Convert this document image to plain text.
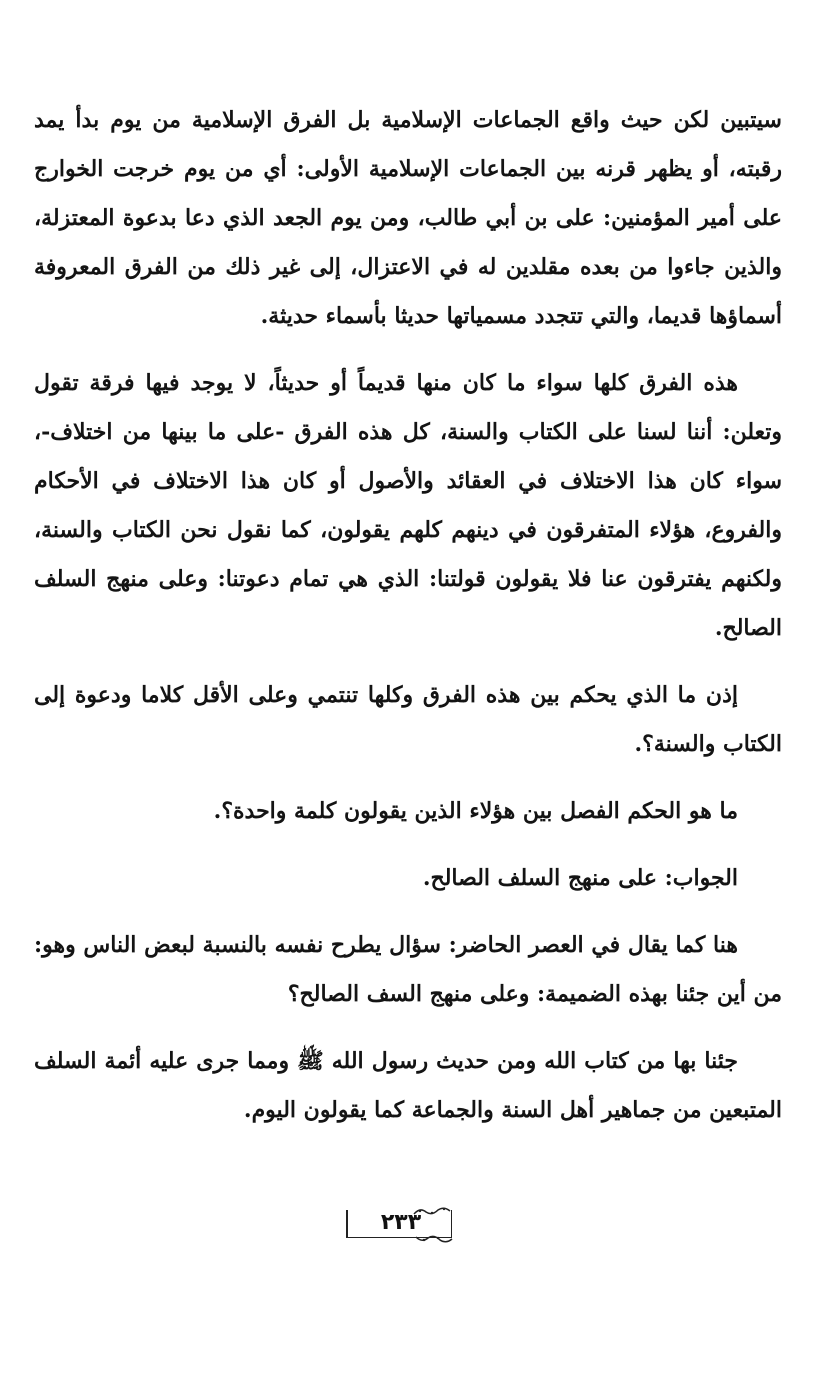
سيتبين لكن حيث واقع الجماعات الإسلامية بل الفرق الإسلامية من يوم بدأ يمد رقبته، أو يظهر قرنه بين الجماعات الإسلامية الأولى: أي من يوم خرجت الخوارج على أمير المؤمنين: على بن أبي طالب، ومن يوم الجعد الذي دعا بدعوة المعتزلة، والذين جاءوا من بعده مقلدين له في الاعتزال، إلى غير ذلك من الفرق المعروفة أسماؤها قديما، والتي تتجدد مسمياتها حديثا بأسماء حديثة.

هذه الفرق كلها سواء ما كان منها قديماً أو حديثاً، لا يوجد فيها فرقة تقول وتعلن: أننا لسنا على الكتاب والسنة، كل هذه الفرق -على ما بينها من اختلاف-، سواء كان هذا الاختلاف في العقائد والأصول أو كان هذا الاختلاف في الأحكام والفروع، هؤلاء المتفرقون في دينهم كلهم يقولون، كما نقول نحن الكتاب والسنة، ولكنهم يفترقون عنا فلا يقولون قولتنا: الذي هي تمام دعوتنا: وعلى منهج السلف الصالح.

إذن ما الذي يحكم بين هذه الفرق وكلها تنتمي وعلى الأقل كلاما ودعوة إلى الكتاب والسنة؟.

ما هو الحكم الفصل بين هؤلاء الذين يقولون كلمة واحدة؟.

الجواب: على منهج السلف الصالح.

هنا كما يقال في العصر الحاضر: سؤال يطرح نفسه بالنسبة لبعض الناس وهو: من أين جئنا بهذه الضميمة: وعلى منهج السف الصالح؟

جئنا بها من كتاب الله ومن حديث رسول الله ﷺ ومما جرى عليه أئمة السلف المتبعين من جماهير أهل السنة والجماعة كما يقولون اليوم.

٢٣٣
